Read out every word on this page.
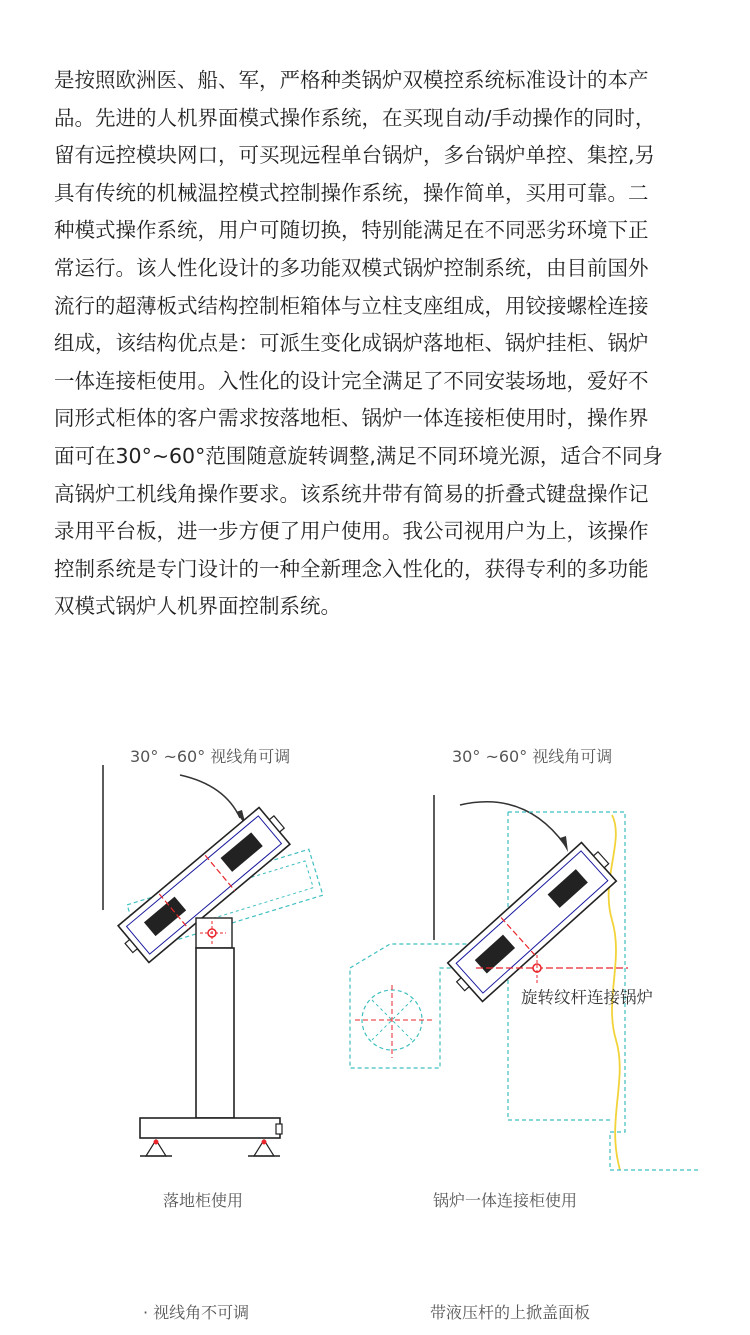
是按照欧洲医、船、军，严格种类锅炉双模控系统标准设计的本产
品。先进的人机界面模式操作系统，在买现自动/手动操作的同时，
留有远控模块网口，可买现远程单台锅炉，多台锅炉单控、集控,另
具有传统的机械温控模式控制操作系统，操作简单，买用可靠。二
种模式操作系统，用户可随切换，特别能满足在不同恶劣环境下正
常运行。该人性化设计的多功能双模式锅炉控制系统，由目前国外
流行的超薄板式结构控制柜箱体与立柱支座组成，用铰接螺栓连接
组成，该结构优点是：可派生变化成锅炉落地柜、锅炉挂柜、锅炉
一体连接柜使用。入性化的设计完全满足了不同安装场地，爱好不
同形式柜体的客户需求按落地柜、锅炉一体连接柜使用时，操作界
面可在30°~60°范围随意旋转调整,满足不同环境光源，适合不同身
高锅炉工机线角操作要求。该系统井带有简易的折叠式键盘操作记
录用平台板，进一步方便了用户使用。我公司视用户为上，该操作
控制系统是专门设计的一种全新理念入性化的，获得专利的多功能
双模式锅炉人机界面控制系统。

30° ~60° 视线角可调	30° ~60° 视线角可调
旋转纹杆连接锅炉
落地柜使用	锅炉一体连接柜使用
· 视线角不可调	带液压杆的上掀盖面板
